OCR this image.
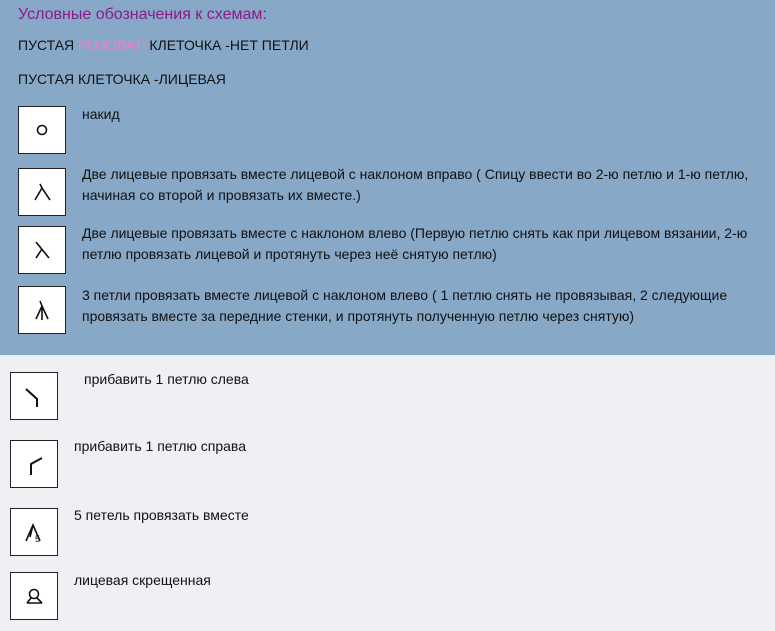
Условные обозначения к схемам:
ПУСТАЯ РОЗОВАЯ КЛЕТОЧКА -НЕТ ПЕТЛИ
ПУСТАЯ КЛЕТОЧКА -ЛИЦЕВАЯ
накид
Две лицевые провязать вместе лицевой с наклоном вправо ( Спицу ввести во 2-ю петлю и 1-ю петлю, начиная со второй и провязать их вместе.)
Две лицевые провязать вместе с наклоном влево (Первую петлю снять как при лицевом вязании, 2-ю петлю провязать лицевой и протянуть через неё снятую петлю)
3 петли провязать вместе лицевой с наклоном влево ( 1 петлю снять не провязывая, 2 следующие провязать вместе за передние стенки, и протянуть полученную петлю через снятую)
прибавить 1 петлю слева
прибавить 1 петлю справа
5
5 петель провязать вместе
лицевая скрещенная
